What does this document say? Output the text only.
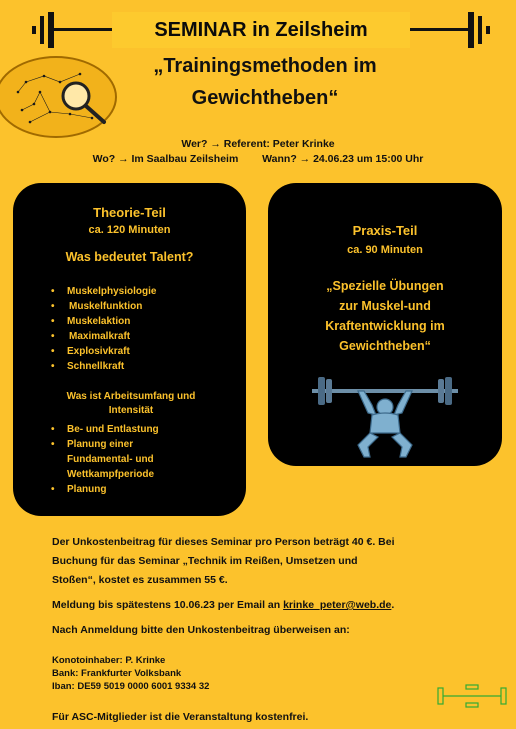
SEMINAR in Zeilsheim
„Trainingsmethoden im
Gewichtheben“
Wer? → Referent: Peter Krinke
Wo? → Im Saalbau Zeilsheim Wann? → 24.06.23 um 15:00 Uhr
Theorie-Teil
ca. 120 Minuten
Was bedeutet Talent?
• Muskelphysiologie
• Muskelfunktion
• Muskelaktion
• Maximalkraft
• Explosivkraft
• Schnellkraft
Was ist Arbeitsumfang und
Intensität
• Be- und Entlastung
• Planung einer Fundamental- und Wettkampfperiode
• Planung
Praxis-Teil
ca. 90 Minuten
„Spezielle Übungen
zur Muskel-und
Kraftentwicklung im
Gewichtheben“
Der Unkostenbeitrag für dieses Seminar pro Person beträgt 40 €. Bei
Buchung für das Seminar „Technik im Reißen, Umsetzen und
Stoßen“, kostet es zusammen 55 €.
Meldung bis spätestens 10.06.23 per Email an krinke_peter@web.de.
Nach Anmeldung bitte den Unkostenbeitrag überweisen an:
Konotoinhaber: P. Krinke
Bank: Frankfurter Volksbank
Iban: DE59 5019 0000 6001 9334 32
Für ASC-Mitglieder ist die Veranstaltung kostenfrei.
